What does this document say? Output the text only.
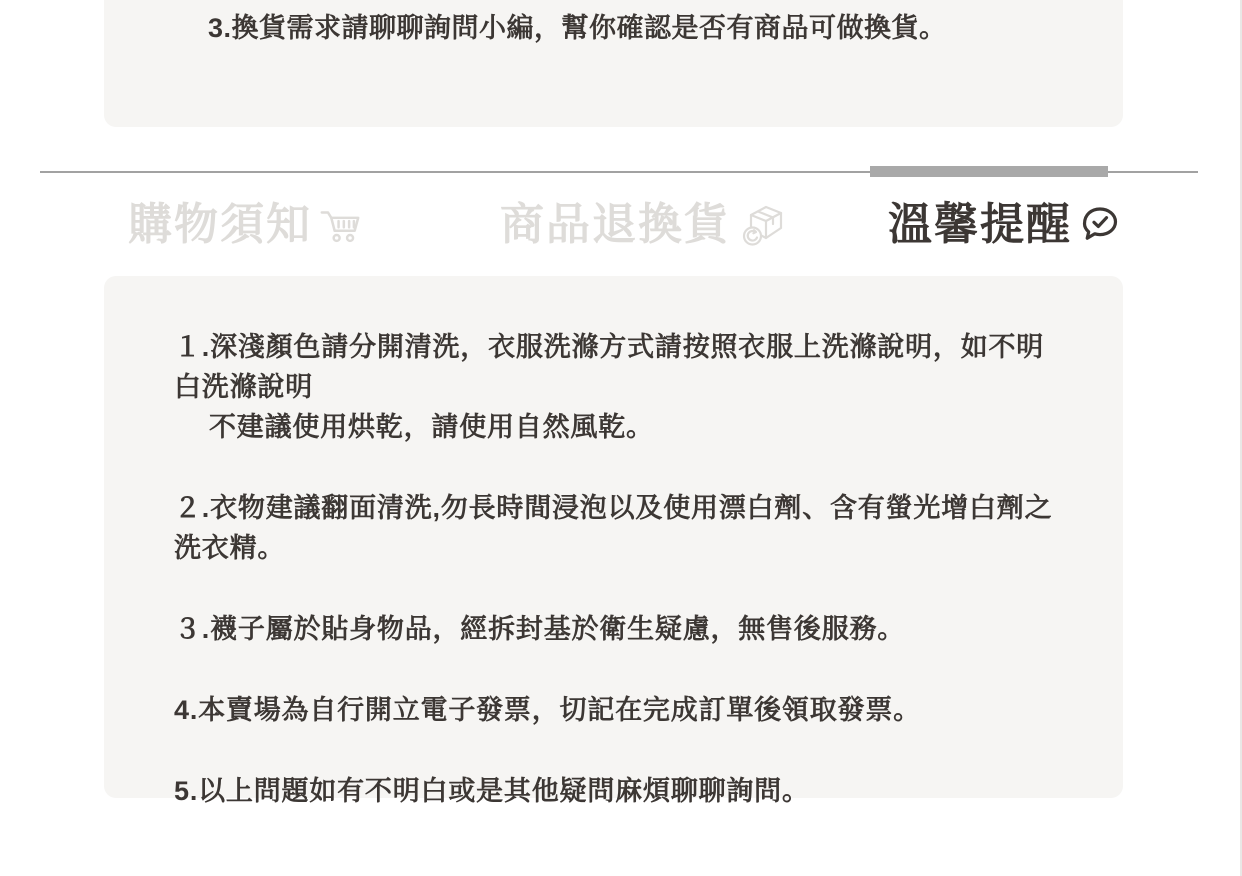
3.換貨需求請聊聊詢問小編，幫你確認是否有商品可做換貨。

購物須知	商品退換貨	溫馨提醒
１.深淺顏色請分開清洗，衣服洗滌方式請按照衣服上洗滌說明，如不明白洗滌說明
不建議使用烘乾，請使用自然風乾。
２.衣物建議翻面清洗,勿長時間浸泡以及使用漂白劑、含有螢光增白劑之洗衣精。
３.襪子屬於貼身物品，經拆封基於衛生疑慮，無售後服務。
4.本賣場為自行開立電子發票，切記在完成訂單後領取發票。
5.以上問題如有不明白或是其他疑問麻煩聊聊詢問。
